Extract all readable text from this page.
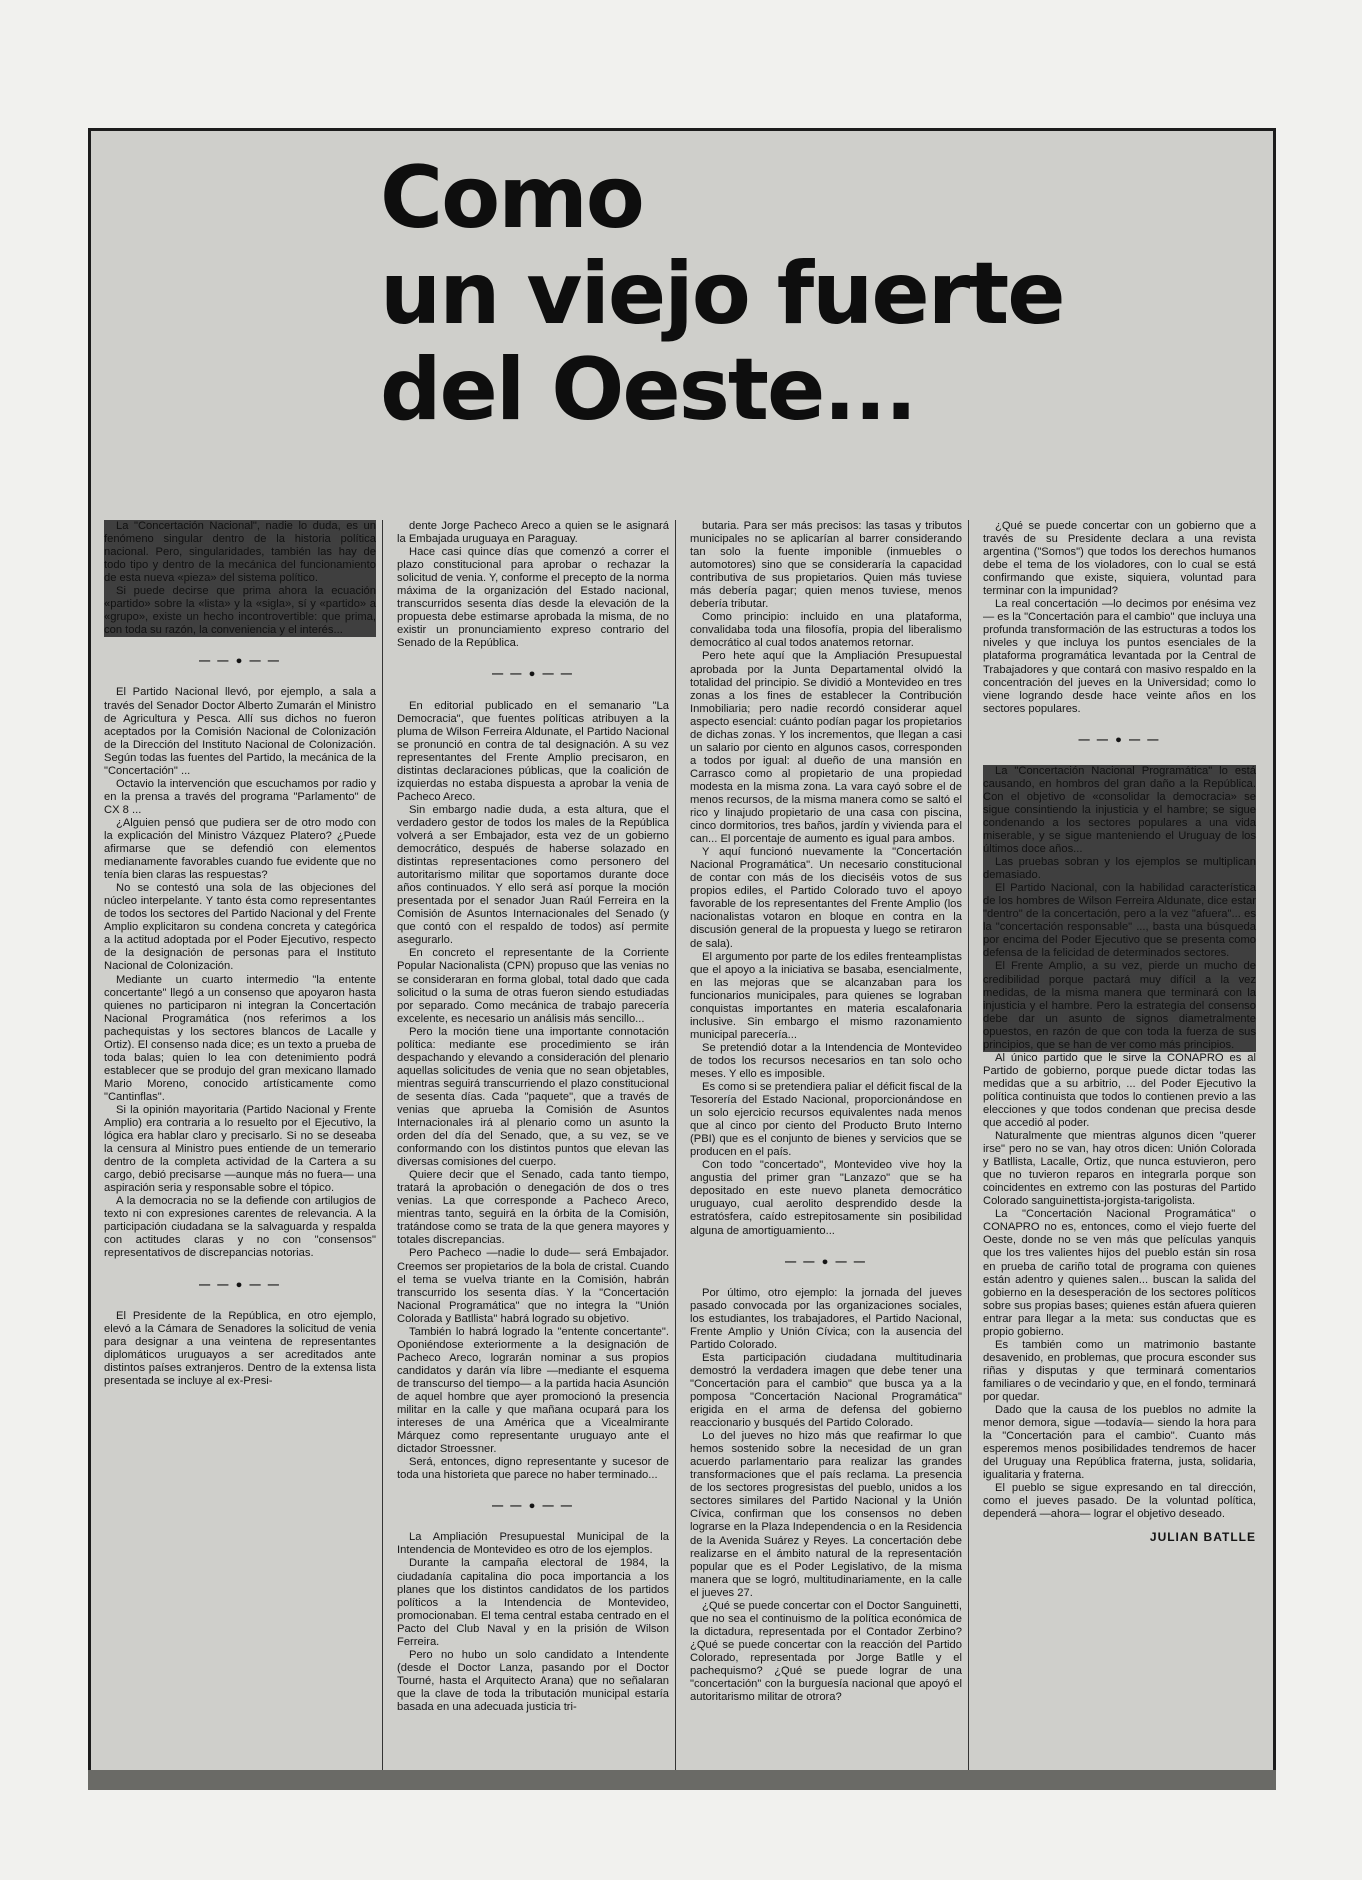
Como
un viejo fuerte
del Oeste...

La "Concertación Nacional", nadie lo duda, es un fenómeno singular dentro de la historia política nacional. Pero, singularidades, también las hay de todo tipo y dentro de la mecánica del funcionamiento de esta nueva «pieza» del sistema político.

Si puede decirse que prima ahora la ecuación «partido» sobre la «lista» y la «sigla», sí y «partido» a «grupo», existe un hecho incontrovertible: que prima, con toda su razón, la conveniencia y el interés...

— — ● — —

El Partido Nacional llevó, por ejemplo, a sala a través del Senador Doctor Alberto Zumarán el Ministro de Agricultura y Pesca. Allí sus dichos no fueron aceptados por la Comisión Nacional de Colonización de la Dirección del Instituto Nacional de Colonización. Según todas las fuentes del Partido, la mecánica de la "Concertación" ...

Octavio la intervención que escuchamos por radio y en la prensa a través del programa "Parlamento" de CX 8 ...

¿Alguien pensó que pudiera ser de otro modo con la explicación del Ministro Vázquez Platero? ¿Puede afirmarse que se defendió con elementos medianamente favorables cuando fue evidente que no tenía bien claras las respuestas?

No se contestó una sola de las objeciones del núcleo interpelante. Y tanto ésta como representantes de todos los sectores del Partido Nacional y del Frente Amplio explicitaron su condena concreta y categórica a la actitud adoptada por el Poder Ejecutivo, respecto de la designación de personas para el Instituto Nacional de Colonización.

Mediante un cuarto intermedio "la entente concertante" llegó a un consenso que apoyaron hasta quienes no participaron ni integran la Concertación Nacional Programática (nos referimos a los pachequistas y los sectores blancos de Lacalle y Ortiz). El consenso nada dice; es un texto a prueba de toda balas; quien lo lea con detenimiento podrá establecer que se produjo del gran mexicano llamado Mario Moreno, conocido artísticamente como "Cantinflas".

Si la opinión mayoritaria (Partido Nacional y Frente Amplio) era contraria a lo resuelto por el Ejecutivo, la lógica era hablar claro y precisarlo. Si no se deseaba la censura al Ministro pues entiende de un temerario dentro de la completa actividad de la Cartera a su cargo, debió precisarse —aunque más no fuera— una aspiración seria y responsable sobre el tópico.

A la democracia no se la defiende con artilugios de texto ni con expresiones carentes de relevancia. A la participación ciudadana se la salvaguarda y respalda con actitudes claras y no con "consensos" representativos de discrepancias notorias.

— — ● — —

El Presidente de la República, en otro ejemplo, elevó a la Cámara de Senadores la solicitud de venia para designar a una veintena de representantes diplomáticos uruguayos a ser acreditados ante distintos países extranjeros. Dentro de la extensa lista presentada se incluye al ex-Presi-

dente Jorge Pacheco Areco a quien se le asignará la Embajada uruguaya en Paraguay.

Hace casi quince días que comenzó a correr el plazo constitucional para aprobar o rechazar la solicitud de venia. Y, conforme el precepto de la norma máxima de la organización del Estado nacional, transcurridos sesenta días desde la elevación de la propuesta debe estimarse aprobada la misma, de no existir un pronunciamiento expreso contrario del Senado de la República.

— — ● — —

En editorial publicado en el semanario "La Democracia", que fuentes políticas atribuyen a la pluma de Wilson Ferreira Aldunate, el Partido Nacional se pronunció en contra de tal designación. A su vez representantes del Frente Amplio precisaron, en distintas declaraciones públicas, que la coalición de izquierdas no estaba dispuesta a aprobar la venia de Pacheco Areco.

Sin embargo nadie duda, a esta altura, que el verdadero gestor de todos los males de la República volverá a ser Embajador, esta vez de un gobierno democrático, después de haberse solazado en distintas representaciones como personero del autoritarismo militar que soportamos durante doce años continuados. Y ello será así porque la moción presentada por el senador Juan Raúl Ferreira en la Comisión de Asuntos Internacionales del Senado (y que contó con el respaldo de todos) así permite asegurarlo.

En concreto el representante de la Corriente Popular Nacionalista (CPN) propuso que las venias no se consideraran en forma global, total dado que cada solicitud o la suma de otras fueron siendo estudiadas por separado. Como mecánica de trabajo parecería excelente, es necesario un análisis más sencillo...

Pero la moción tiene una importante connotación política: mediante ese procedimiento se irán despachando y elevando a consideración del plenario aquellas solicitudes de venia que no sean objetables, mientras seguirá transcurriendo el plazo constitucional de sesenta días. Cada "paquete", que a través de venias que aprueba la Comisión de Asuntos Internacionales irá al plenario como un asunto la orden del día del Senado, que, a su vez, se ve conformando con los distintos puntos que elevan las diversas comisiones del cuerpo.

Quiere decir que el Senado, cada tanto tiempo, tratará la aprobación o denegación de dos o tres venias. La que corresponde a Pacheco Areco, mientras tanto, seguirá en la órbita de la Comisión, tratándose como se trata de la que genera mayores y totales discrepancias.

Pero Pacheco —nadie lo dude— será Embajador. Creemos ser propietarios de la bola de cristal. Cuando el tema se vuelva triante en la Comisión, habrán transcurrido los sesenta días. Y la "Concertación Nacional Programática" que no integra la "Unión Colorada y Batllista" habrá logrado su objetivo.

También lo habrá logrado la "entente concertante". Oponiéndose exteriormente a la designación de Pacheco Areco, lograrán nominar a sus propios candidatos y darán vía libre —mediante el esquema de transcurso del tiempo— a la partida hacia Asunción de aquel hombre que ayer promocionó la presencia militar en la calle y que mañana ocupará para los intereses de una América que a Vicealmirante Márquez como representante uruguayo ante el dictador Stroessner.

Será, entonces, digno representante y sucesor de toda una historieta que parece no haber terminado...

— — ● — —

La Ampliación Presupuestal Municipal de la Intendencia de Montevideo es otro de los ejemplos.

Durante la campaña electoral de 1984, la ciudadanía capitalina dio poca importancia a los planes que los distintos candidatos de los partidos políticos a la Intendencia de Montevideo, promocionaban. El tema central estaba centrado en el Pacto del Club Naval y en la prisión de Wilson Ferreira.

Pero no hubo un solo candidato a Intendente (desde el Doctor Lanza, pasando por el Doctor Tourné, hasta el Arquitecto Arana) que no señalaran que la clave de toda la tributación municipal estaría basada en una adecuada justicia tri-

butaria. Para ser más precisos: las tasas y tributos municipales no se aplicarían al barrer considerando tan solo la fuente imponible (inmuebles o automotores) sino que se consideraría la capacidad contributiva de sus propietarios. Quien más tuviese más debería pagar; quien menos tuviese, menos debería tributar.

Como principio: incluido en una plataforma, convalidaba toda una filosofía, propia del liberalismo democrático al cual todos anatemos retornar.

Pero hete aquí que la Ampliación Presupuestal aprobada por la Junta Departamental olvidó la totalidad del principio. Se dividió a Montevideo en tres zonas a los fines de establecer la Contribución Inmobiliaria; pero nadie recordó considerar aquel aspecto esencial: cuánto podían pagar los propietarios de dichas zonas. Y los incrementos, que llegan a casi un salario por ciento en algunos casos, corresponden a todos por igual: al dueño de una mansión en Carrasco como al propietario de una propiedad modesta en la misma zona. La vara cayó sobre el de menos recursos, de la misma manera como se saltó el rico y linajudo propietario de una casa con piscina, cinco dormitorios, tres baños, jardín y vivienda para el can... El porcentaje de aumento es igual para ambos.

Y aquí funcionó nuevamente la "Concertación Nacional Programática". Un necesario constitucional de contar con más de los dieciséis votos de sus propios ediles, el Partido Colorado tuvo el apoyo favorable de los representantes del Frente Amplio (los nacionalistas votaron en bloque en contra en la discusión general de la propuesta y luego se retiraron de sala).

El argumento por parte de los ediles frenteamplistas que el apoyo a la iniciativa se basaba, esencialmente, en las mejoras que se alcanzaban para los funcionarios municipales, para quienes se lograban conquistas importantes en materia escalafonaria inclusive. Sin embargo el mismo razonamiento municipal parecería...

Se pretendió dotar a la Intendencia de Montevideo de todos los recursos necesarios en tan solo ocho meses. Y ello es imposible.

Es como si se pretendiera paliar el déficit fiscal de la Tesorería del Estado Nacional, proporcionándose en un solo ejercicio recursos equivalentes nada menos que al cinco por ciento del Producto Bruto Interno (PBI) que es el conjunto de bienes y servicios que se producen en el país.

Con todo "concertado", Montevideo vive hoy la angustia del primer gran "Lanzazo" que se ha depositado en este nuevo planeta democrático uruguayo, cual aerolito desprendido desde la estratósfera, caído estrepitosamente sin posibilidad alguna de amortiguamiento...

— — ● — —

Por último, otro ejemplo: la jornada del jueves pasado convocada por las organizaciones sociales, los estudiantes, los trabajadores, el Partido Nacional, Frente Amplio y Unión Cívica; con la ausencia del Partido Colorado.

Esta participación ciudadana multitudinaria demostró la verdadera imagen que debe tener una "Concertación para el cambio" que busca ya a la pomposa "Concertación Nacional Programática" erigida en el arma de defensa del gobierno reaccionario y busqués del Partido Colorado.

Lo del jueves no hizo más que reafirmar lo que hemos sostenido sobre la necesidad de un gran acuerdo parlamentario para realizar las grandes transformaciones que el país reclama. La presencia de los sectores progresistas del pueblo, unidos a los sectores similares del Partido Nacional y la Unión Cívica, confirman que los consensos no deben lograrse en la Plaza Independencia o en la Residencia de la Avenida Suárez y Reyes. La concertación debe realizarse en el ámbito natural de la representación popular que es el Poder Legislativo, de la misma manera que se logró, multitudinariamente, en la calle el jueves 27.

¿Qué se puede concertar con el Doctor Sanguinetti, que no sea el continuismo de la política económica de la dictadura, representada por el Contador Zerbino? ¿Qué se puede concertar con la reacción del Partido Colorado, representada por Jorge Batlle y el pachequismo? ¿Qué se puede lograr de una "concertación" con la burguesía nacional que apoyó el autoritarismo militar de otrora?

¿Qué se puede concertar con un gobierno que a través de su Presidente declara a una revista argentina ("Somos") que todos los derechos humanos debe el tema de los violadores, con lo cual se está confirmando que existe, siquiera, voluntad para terminar con la impunidad?

La real concertación —lo decimos por enésima vez— es la "Concertación para el cambio" que incluya una profunda transformación de las estructuras a todos los niveles y que incluya los puntos esenciales de la plataforma programática levantada por la Central de Trabajadores y que contará con masivo respaldo en la concentración del jueves en la Universidad; como lo viene logrando desde hace veinte años en los sectores populares.

— — ● — —

La "Concertación Nacional Programática" lo está causando, en hombros del gran daño a la República. Con el objetivo de «consolidar la democracia» se sigue consintiendo la injusticia y el hambre; se sigue condenando a los sectores populares a una vida miserable, y se sigue manteniendo el Uruguay de los últimos doce años...

Las pruebas sobran y los ejemplos se multiplican demasiado.

El Partido Nacional, con la habilidad característica de los hombres de Wilson Ferreira Aldunate, dice estar "dentro" de la concertación, pero a la vez "afuera"... es la "concertación responsable" ..., basta una búsqueda por encima del Poder Ejecutivo que se presenta como defensa de la felicidad de determinados sectores.

El Frente Amplio, a su vez, pierde un mucho de credibilidad porque pactará muy difícil a la vez medidas, de la misma manera que terminará con la injusticia y el hambre. Pero la estrategia del consenso debe dar un asunto de signos diametralmente opuestos, en razón de que con toda la fuerza de sus principios, que se han de ver como más principios.

Al único partido que le sirve la CONAPRO es al Partido de gobierno, porque puede dictar todas las medidas que a su arbitrio, ... del Poder Ejecutivo la política continuista que todos lo contienen previo a las elecciones y que todos condenan que precisa desde que accedió al poder.

Naturalmente que mientras algunos dicen "querer irse" pero no se van, hay otros dicen: Unión Colorada y Batllista, Lacalle, Ortiz, que nunca estuvieron, pero que no tuvieron reparos en integrarla porque son coincidentes en extremo con las posturas del Partido Colorado sanguinettista-jorgista-tarigolista.

La "Concertación Nacional Programática" o CONAPRO no es, entonces, como el viejo fuerte del Oeste, donde no se ven más que películas yanquis que los tres valientes hijos del pueblo están sin rosa en prueba de cariño total de programa con quienes están adentro y quienes salen... buscan la salida del gobierno en la desesperación de los sectores políticos sobre sus propias bases; quienes están afuera quieren entrar para llegar a la meta: sus conductas que es propio gobierno.

Es también como un matrimonio bastante desavenido, en problemas, que procura esconder sus riñas y disputas y que terminará comentarios familiares o de vecindario y que, en el fondo, terminará por quedar.

Dado que la causa de los pueblos no admite la menor demora, sigue —todavía— siendo la hora para la "Concertación para el cambio". Cuanto más esperemos menos posibilidades tendremos de hacer del Uruguay una República fraterna, justa, solidaria, igualitaria y fraterna.

El pueblo se sigue expresando en tal dirección, como el jueves pasado. De la voluntad política, dependerá —ahora— lograr el objetivo deseado.

JULIAN BATLLE
